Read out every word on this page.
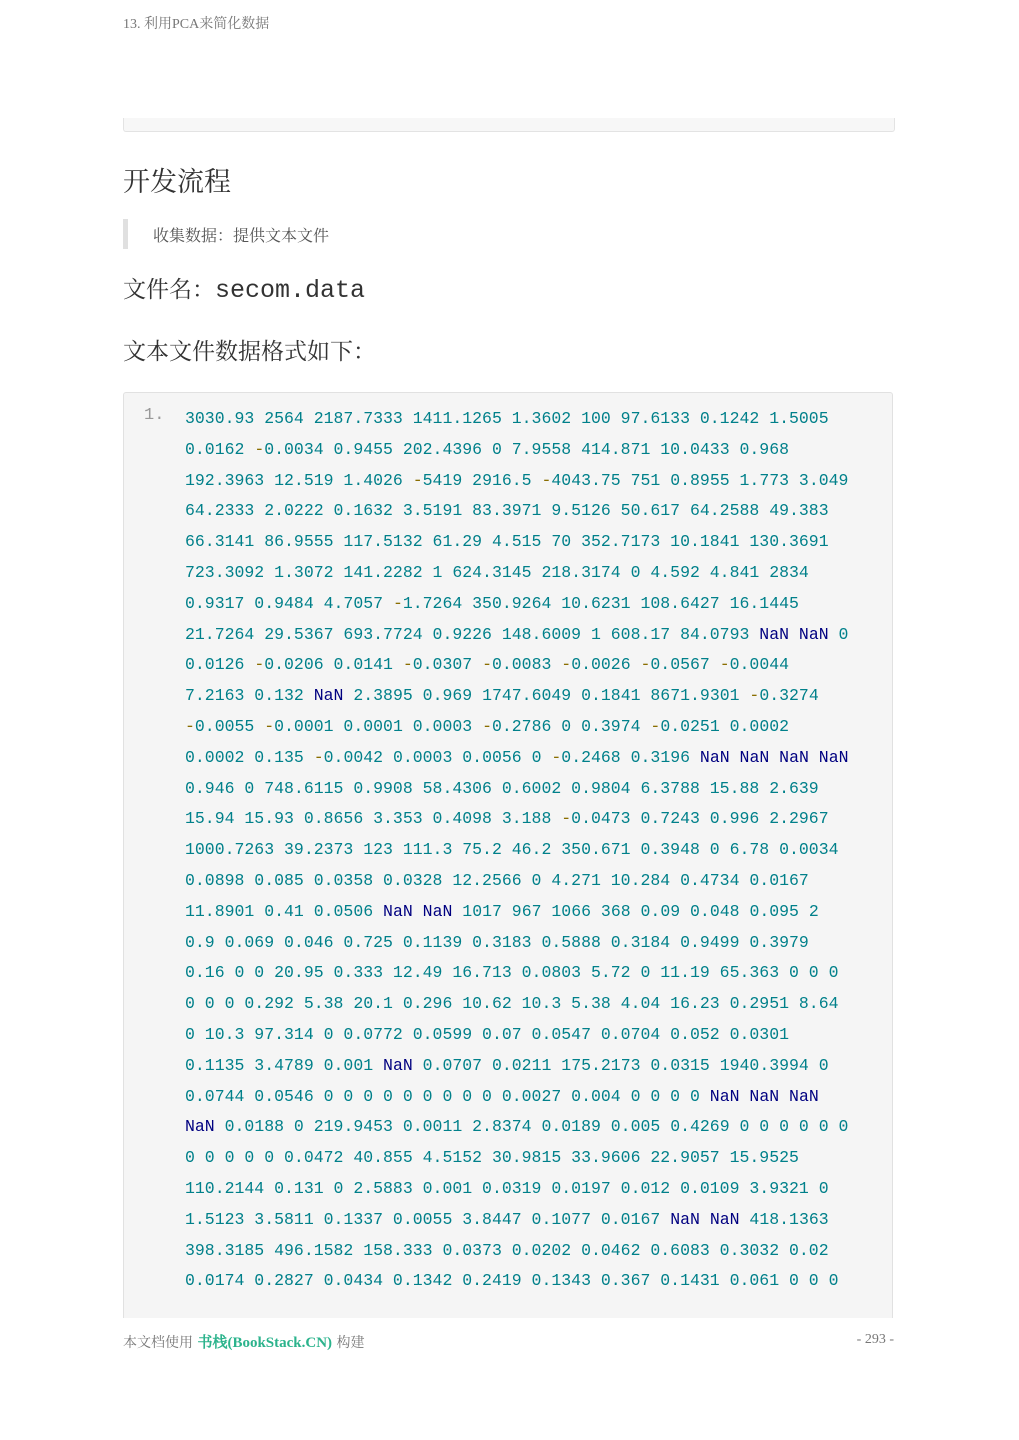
13. 利用PCA来简化数据
开发流程
收集数据：提供文本文件
文件名：secom.data
文本文件数据格式如下：
1. 3030.93 2564 2187.7333 1411.1265 1.3602 100 97.6133 0.1242 1.5005
0.0162 -0.0034 0.9455 202.4396 0 7.9558 414.871 10.0433 0.968
192.3963 12.519 1.4026 -5419 2916.5 -4043.75 751 0.8955 1.773 3.049
64.2333 2.0222 0.1632 3.5191 83.3971 9.5126 50.617 64.2588 49.383
66.3141 86.9555 117.5132 61.29 4.515 70 352.7173 10.1841 130.3691
723.3092 1.3072 141.2282 1 624.3145 218.3174 0 4.592 4.841 2834
0.9317 0.9484 4.7057 -1.7264 350.9264 10.6231 108.6427 16.1445
21.7264 29.5367 693.7724 0.9226 148.6009 1 608.17 84.0793 NaN NaN 0
0.0126 -0.0206 0.0141 -0.0307 -0.0083 -0.0026 -0.0567 -0.0044
7.2163 0.132 NaN 2.3895 0.969 1747.6049 0.1841 8671.9301 -0.3274
-0.0055 -0.0001 0.0001 0.0003 -0.2786 0 0.3974 -0.0251 0.0002
0.0002 0.135 -0.0042 0.0003 0.0056 0 -0.2468 0.3196 NaN NaN NaN NaN
0.946 0 748.6115 0.9908 58.4306 0.6002 0.9804 6.3788 15.88 2.639
15.94 15.93 0.8656 3.353 0.4098 3.188 -0.0473 0.7243 0.996 2.2967
1000.7263 39.2373 123 111.3 75.2 46.2 350.671 0.3948 0 6.78 0.0034
0.0898 0.085 0.0358 0.0328 12.2566 0 4.271 10.284 0.4734 0.0167
11.8901 0.41 0.0506 NaN NaN 1017 967 1066 368 0.09 0.048 0.095 2
0.9 0.069 0.046 0.725 0.1139 0.3183 0.5888 0.3184 0.9499 0.3979
0.16 0 0 20.95 0.333 12.49 16.713 0.0803 5.72 0 11.19 65.363 0 0 0
0 0 0 0.292 5.38 20.1 0.296 10.62 10.3 5.38 4.04 16.23 0.2951 8.64
0 10.3 97.314 0 0.0772 0.0599 0.07 0.0547 0.0704 0.052 0.0301
0.1135 3.4789 0.001 NaN 0.0707 0.0211 175.2173 0.0315 1940.3994 0
0.0744 0.0546 0 0 0 0 0 0 0 0 0 0.0027 0.004 0 0 0 0 NaN NaN NaN
NaN 0.0188 0 219.9453 0.0011 2.8374 0.0189 0.005 0.4269 0 0 0 0 0 0
0 0 0 0 0 0.0472 40.855 4.5152 30.9815 33.9606 22.9057 15.9525
110.2144 0.131 0 2.5883 0.001 0.0319 0.0197 0.012 0.0109 3.9321 0
1.5123 3.5811 0.1337 0.0055 3.8447 0.1077 0.0167 NaN NaN 418.1363
398.3185 496.1582 158.333 0.0373 0.0202 0.0462 0.6083 0.3032 0.02
0.0174 0.2827 0.0434 0.1342 0.2419 0.1343 0.367 0.1431 0.061 0 0 0
本文档使用 书栈(BookStack.CN) 构建	- 293 -
